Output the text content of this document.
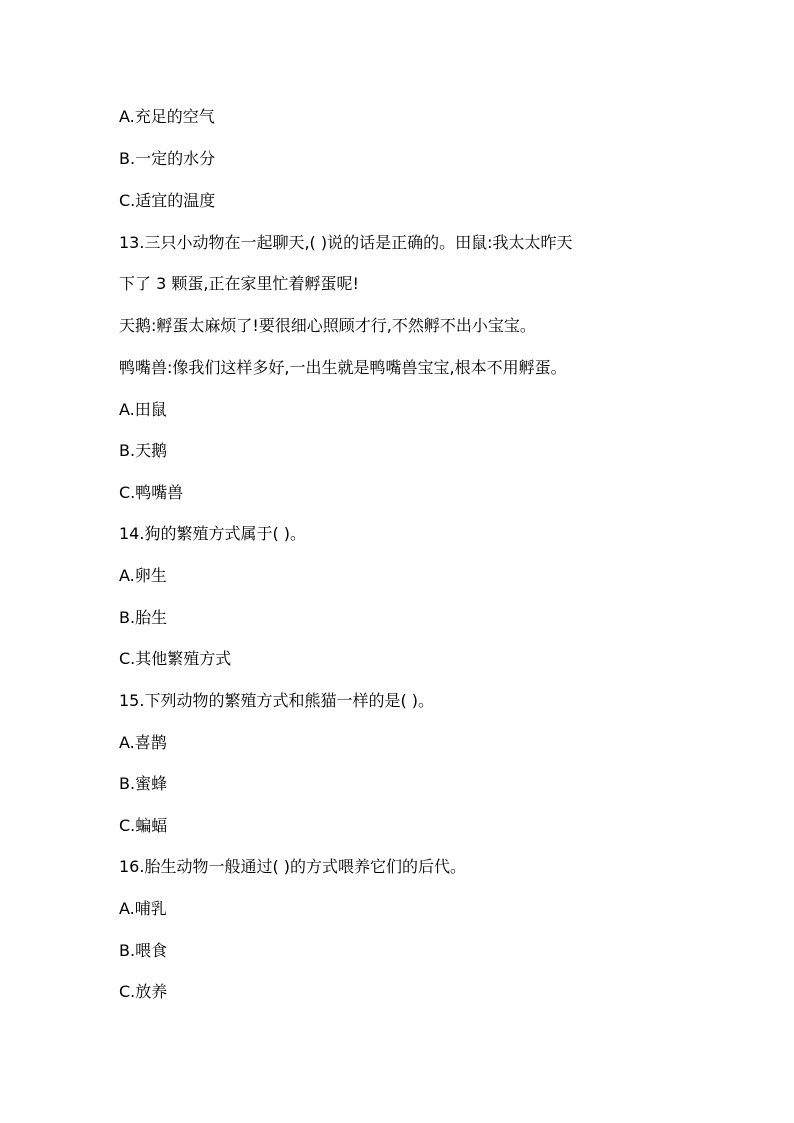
A.充足的空气
B.一定的水分
C.适宜的温度
13.三只小动物在一起聊天,( )说的话是正确的。田鼠:我太太昨天
下了 3 颗蛋,正在家里忙着孵蛋呢!
天鹅:孵蛋太麻烦了!要很细心照顾才行,不然孵不出小宝宝。
鸭嘴兽:像我们这样多好,一出生就是鸭嘴兽宝宝,根本不用孵蛋。
A.田鼠
B.天鹅
C.鸭嘴兽
14.狗的繁殖方式属于( )。
A.卵生
B.胎生
C.其他繁殖方式
15.下列动物的繁殖方式和熊猫一样的是( )。
A.喜鹊
B.蜜蜂
C.蝙蝠
16.胎生动物一般通过( )的方式喂养它们的后代。
A.哺乳
B.喂食
C.放养
